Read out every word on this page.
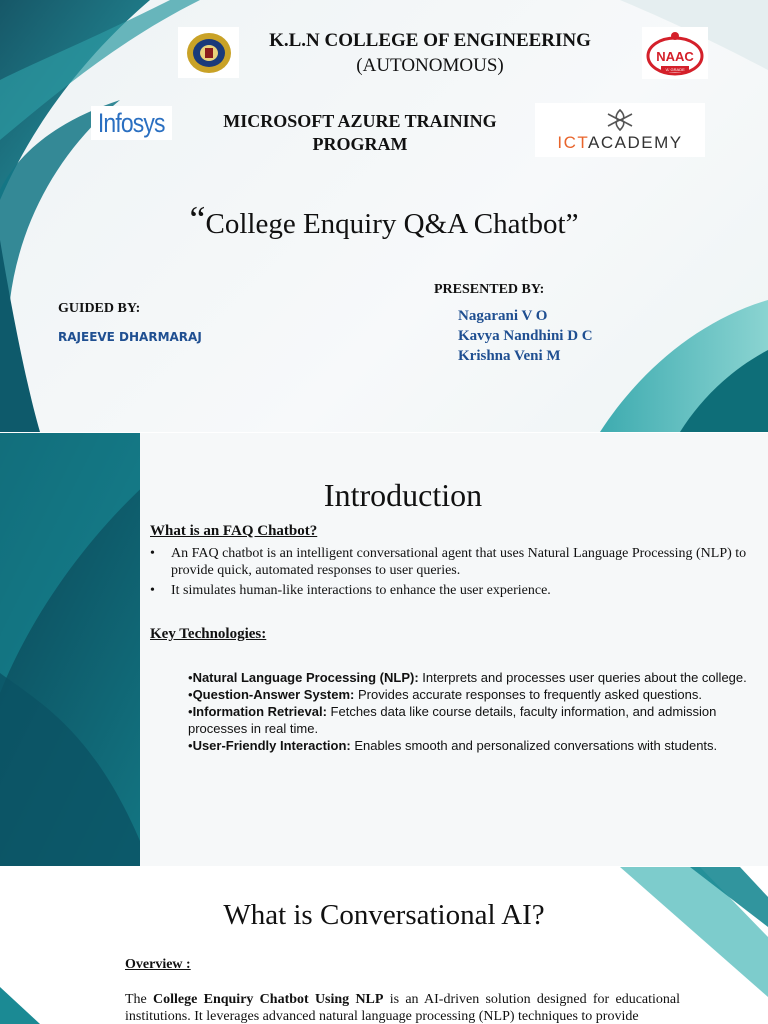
NAAC
'A' GRADE
Infosys
ICTACADEMY
K.L.N COLLEGE OF ENGINEERING
(AUTONOMOUS)
MICROSOFT AZURE TRAINING
PROGRAM
“College Enquiry Q&A Chatbot”
GUIDED BY:
RAJEEVE DHARMARAJ
PRESENTED BY:
Nagarani V O
Kavya Nandhini D C
Krishna Veni M
Introduction
What is an FAQ Chatbot?
• An FAQ chatbot is an intelligent conversational agent that uses Natural Language Processing (NLP) to provide quick, automated responses to user queries.
• It simulates human-like interactions to enhance the user experience.
Key Technologies:
•Natural Language Processing (NLP): Interprets and processes user queries about the college.
•Question-Answer System: Provides accurate responses to frequently asked questions.
•Information Retrieval: Fetches data like course details, faculty information, and admission processes in real time.
•User-Friendly Interaction: Enables smooth and personalized conversations with students.
What is Conversational AI?
Overview :
The College Enquiry Chatbot Using NLP is an AI-driven solution designed for educational institutions. It leverages advanced natural language processing (NLP) techniques to provide
